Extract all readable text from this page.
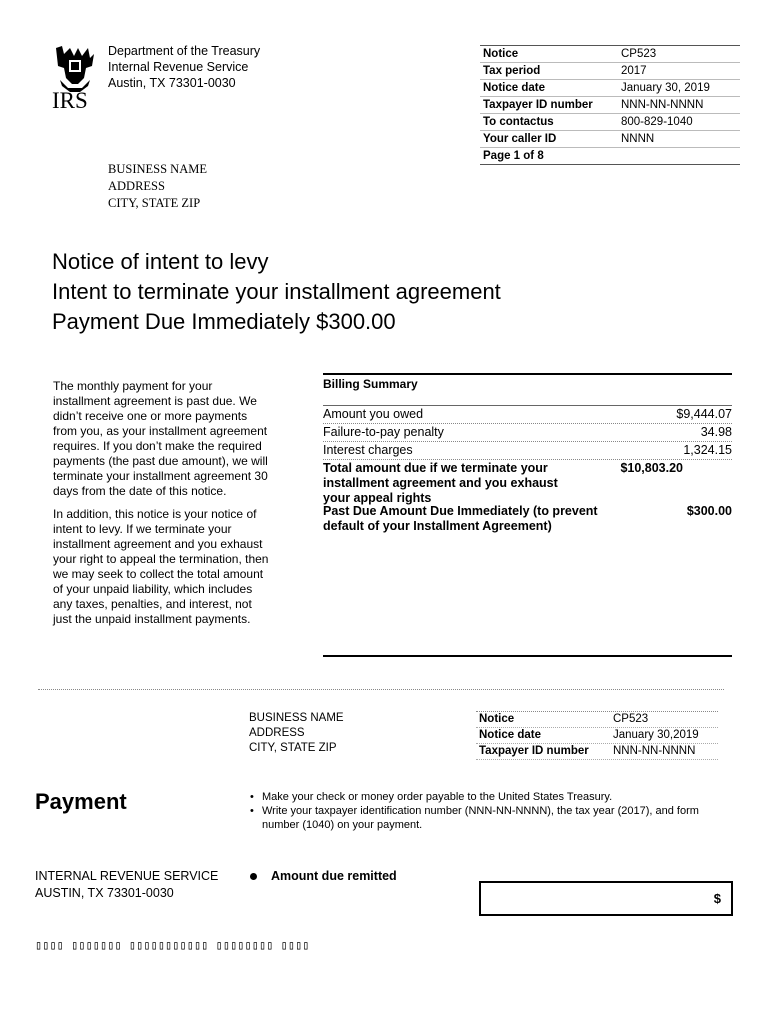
IRS
Department of the Treasury
Internal Revenue Service
Austin, TX 73301-0030
Notice	CP523
Tax period	2017
Notice date	January 30, 2019
Taxpayer ID number	NNN-NN-NNNN
To contactus	800-829-1040
Your caller ID	NNNN
Page 1 of 8
BUSINESS NAME
ADDRESS
CITY, STATE ZIP
Notice of intent to levy
Intent to terminate your installment agreement
Payment Due Immediately $300.00

The monthly payment for your installment agreement is past due. We didn’t receive one or more payments from you, as your installment agreement requires. If you don’t make the required payments (the past due amount), we will terminate your installment agreement 30 days from the date of this notice.

In addition, this notice is your notice of intent to levy. If we terminate your installment agreement and you exhaust your right to appeal the termination, then we may seek to collect the total amount of your unpaid liability, which includes any taxes, penalties, and interest, not just the unpaid installment payments.

Billing Summary
Amount you owed	$9,444.07
Failure-to-pay penalty	34.98
Interest charges	1,324.15
Total amount due if we terminate your installment agreement and you exhaust your appeal rights
$10,803.20
Past Due Amount Due Immediately (to prevent default of your Installment Agreement)
$300.00
BUSINESS NAME
ADDRESS
CITY, STATE ZIP
Notice	CP523
Notice date	January 30,2019
Taxpayer ID number	NNN-NN-NNNN
Payment
•	Make your check or money order payable to the United States Treasury.
• Write your taxpayer identification number (NNN-NN-NNNN), the tax year (2017), and form number (1040) on your payment.
INTERNAL REVENUE SERVICE
AUSTIN, TX 73301-0030
Amount due remitted
$
▯▯▯▯ ▯▯▯▯▯▯▯ ▯▯▯▯▯▯▯▯▯▯▯ ▯▯▯▯▯▯▯▯ ▯▯▯▯
